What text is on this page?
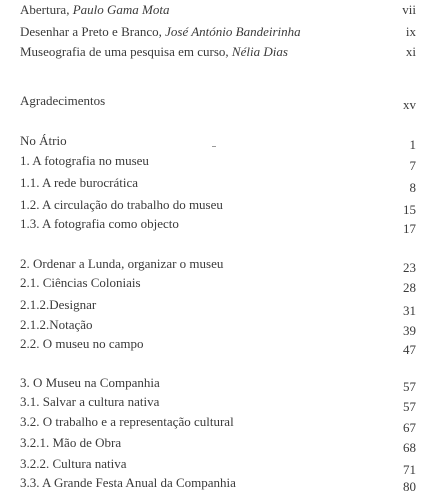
Abertura, Paulo Gama Mota	vii
Desenhar a Preto e Branco, José António Bandeirinha	ix
Museografia de uma pesquisa em curso, Nélia Dias	xi
Agradecimentos	xv
No Átrio	1
1. A fotografia no museu	7
1.1. A rede burocrática	8
1.2. A circulação do trabalho do museu	15
1.3. A fotografia como objecto	17
2. Ordenar a Lunda, organizar o museu	23
2.1. Ciências Coloniais	28
2.1.2.Designar	31
2.1.2.Notação	39
2.2. O museu no campo	47
3. O Museu na Companhia	57
3.1. Salvar a cultura nativa	57
3.2. O trabalho e a representação cultural	67
3.2.1. Mão de Obra	68
3.2.2. Cultura nativa	71
3.3. A Grande Festa Anual da Companhia	80
